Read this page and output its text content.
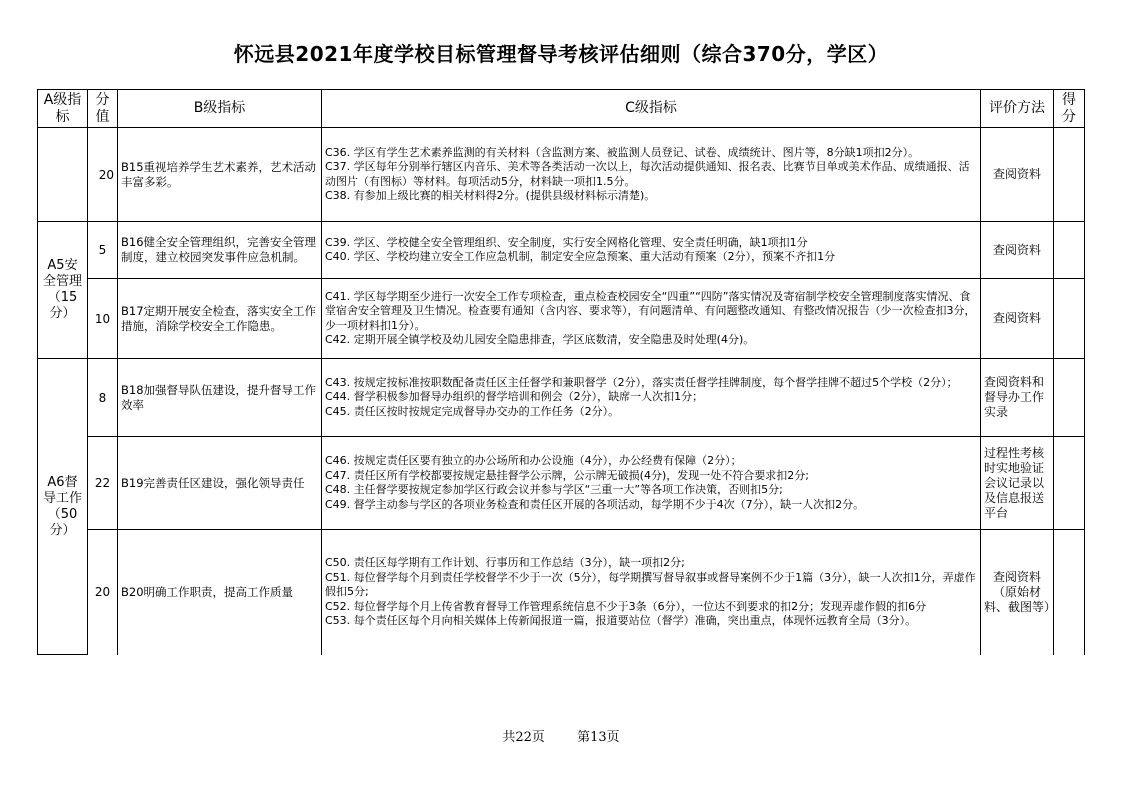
怀远县2021年度学校目标管理督导考核评估细则（综合370分，学区）
A级指标	分值	B级指标	C级指标	评价方法	得分
	20	B15重视培养学生艺术素养，艺术活动丰富多彩。	C36. 学区有学生艺术素养监测的有关材料（含监测方案、被监测人员登记、试卷、成绩统计、图片等，8分缺1项扣2分）。
C37. 学区每年分别举行辖区内音乐、美术等各类活动一次以上，每次活动提供通知、报名表、比赛节目单或美术作品、成绩通报、活动图片（有图标）等材料。每项活动5分，材料缺一项扣1.5分。
C38. 有参加上级比赛的相关材料得2分。(提供县级材料标示清楚)。	查阅资料	
A5安全管理（15分）	5	B16健全安全管理组织，完善安全管理制度，建立校园突发事件应急机制。	C39. 学区、学校健全安全管理组织、安全制度，实行安全网格化管理、安全责任明确，缺1项扣1分
C40. 学区、学校均建立安全工作应急机制，制定安全应急预案、重大活动有预案（2分），预案不齐扣1分	查阅资料	
	10	B17定期开展安全检查，落实安全工作措施，消除学校安全工作隐患。	C41. 学区每学期至少进行一次安全工作专项检查，重点检查校园安全“四重”“四防”落实情况及寄宿制学校安全管理制度落实情况、食堂宿舍安全管理及卫生情况。检查要有通知（含内容、要求等），有问题清单、有问题整改通知、有整改情况报告（少一次检查扣3分，少一项材料扣1分）。
C42. 定期开展全镇学校及幼儿园安全隐患排查，学区底数清，安全隐患及时处理(4分)。	查阅资料	
A6督导工作（50分）	8	B18加强督导队伍建设，提升督导工作效率	C43. 按规定按标准按职数配备责任区主任督学和兼职督学（2分），落实责任督学挂牌制度，每个督学挂牌不超过5个学校（2分）；
C44. 督学积极参加督导办组织的督学培训和例会（2分），缺席一人次扣1分；
C45. 责任区按时按规定完成督导办交办的工作任务（2分）。	查阅资料和督导办工作实录	
	22	B19完善责任区建设，强化领导责任	C46. 按规定责任区要有独立的办公场所和办公设施（4分），办公经费有保障（2分）；
C47. 责任区所有学校都要按规定悬挂督学公示牌，公示牌无破损(4分)，发现一处不符合要求扣2分;
C48. 主任督学要按规定参加学区行政会议并参与学区“三重一大”等各项工作决策，否则扣5分;
C49. 督学主动参与学区的各项业务检查和责任区开展的各项活动，每学期不少于4次（7分），缺一人次扣2分。	过程性考核时实地验证会议记录以及信息报送平台	
	20	B20明确工作职责，提高工作质量	C50. 责任区每学期有工作计划、行事历和工作总结（3分），缺一项扣2分;
C51. 每位督学每个月到责任学校督学不少于一次（5分），每学期撰写督导叙事或督导案例不少于1篇（3分），缺一人次扣1分，弄虚作假扣5分;
C52. 每位督学每个月上传省教育督导工作管理系统信息不少于3条（6分），一位达不到要求的扣2分；发现弄虚作假的扣6分
C53. 每个责任区每个月向相关媒体上传新闻报道一篇，报道要站位（督学）准确，突出重点，体现怀远教育全局（3分）。	查阅资料（原始材料、截图等）	
共22页 第13页
